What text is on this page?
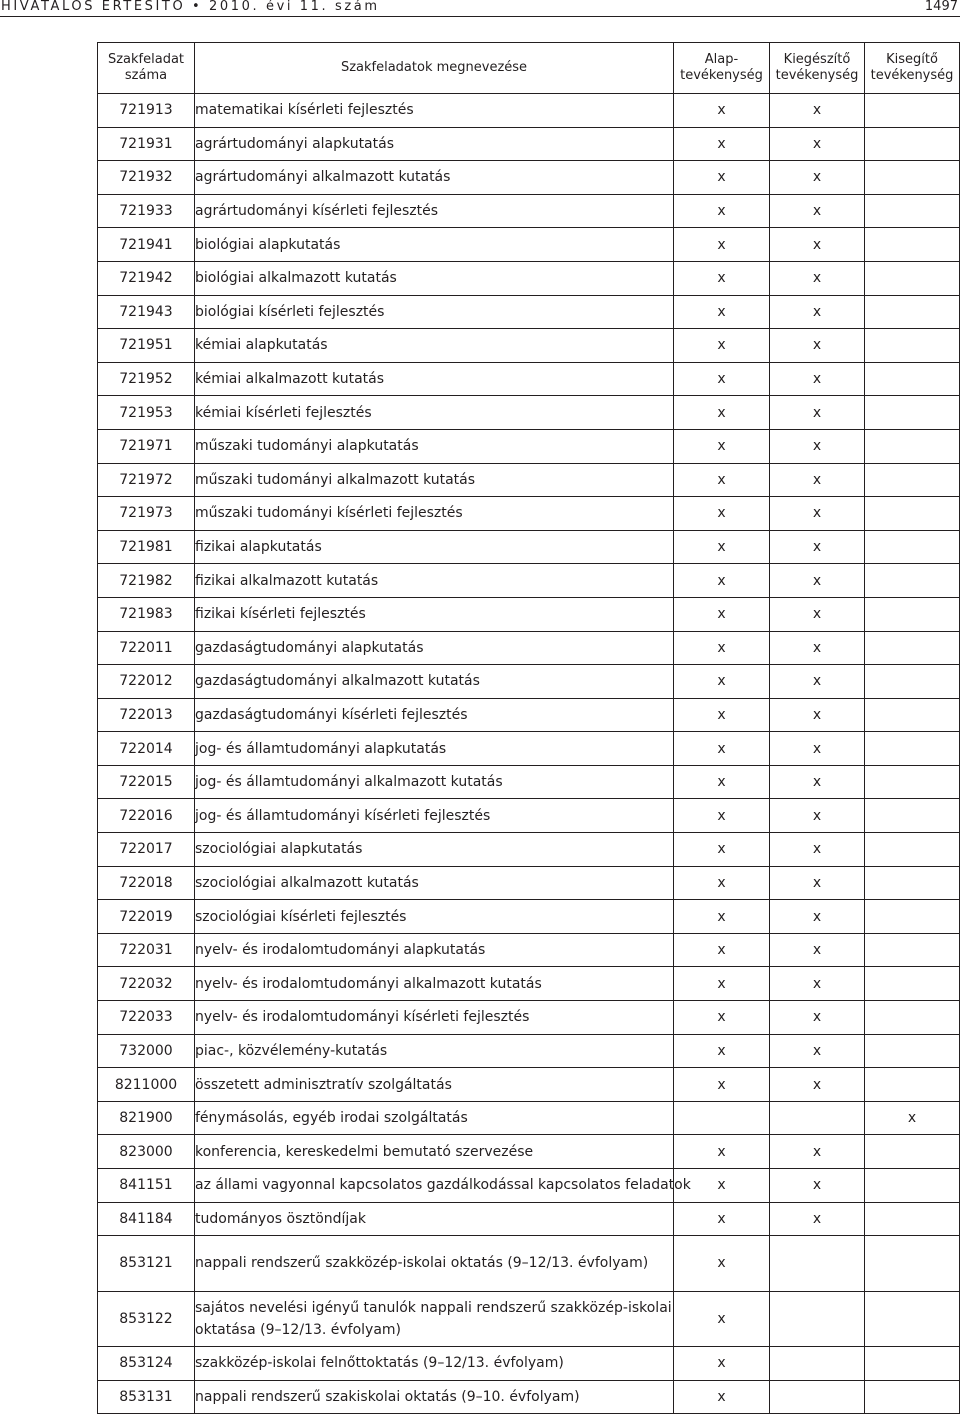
HIVATALOS ÉRTESÍTŐ • 2010. évi 11. szám	1497
Szakfeladat száma	Szakfeladatok megnevezése	Alap- tevékenység	Kiegészítő tevékenység	Kisegítő tevékenység
721913	matematikai kísérleti fejlesztés	x	x	
721931	agrártudományi alapkutatás	x	x	
721932	agrártudományi alkalmazott kutatás	x	x	
721933	agrártudományi kísérleti fejlesztés	x	x	
721941	biológiai alapkutatás	x	x	
721942	biológiai alkalmazott kutatás	x	x	
721943	biológiai kísérleti fejlesztés	x	x	
721951	kémiai alapkutatás	x	x	
721952	kémiai alkalmazott kutatás	x	x	
721953	kémiai kísérleti fejlesztés	x	x	
721971	műszaki tudományi alapkutatás	x	x	
721972	műszaki tudományi alkalmazott kutatás	x	x	
721973	műszaki tudományi kísérleti fejlesztés	x	x	
721981	fizikai alapkutatás	x	x	
721982	fizikai alkalmazott kutatás	x	x	
721983	fizikai kísérleti fejlesztés	x	x	
722011	gazdaságtudományi alapkutatás	x	x	
722012	gazdaságtudományi alkalmazott kutatás	x	x	
722013	gazdaságtudományi kísérleti fejlesztés	x	x	
722014	jog- és államtudományi alapkutatás	x	x	
722015	jog- és államtudományi alkalmazott kutatás	x	x	
722016	jog- és államtudományi kísérleti fejlesztés	x	x	
722017	szociológiai alapkutatás	x	x	
722018	szociológiai alkalmazott kutatás	x	x	
722019	szociológiai kísérleti fejlesztés	x	x	
722031	nyelv- és irodalomtudományi alapkutatás	x	x	
722032	nyelv- és irodalomtudományi alkalmazott kutatás	x	x	
722033	nyelv- és irodalomtudományi kísérleti fejlesztés	x	x	
732000	piac-, közvélemény-kutatás	x	x	
8211000	összetett adminisztratív szolgáltatás	x	x	
821900	fénymásolás, egyéb irodai szolgáltatás			x
823000	konferencia, kereskedelmi bemutató szervezése	x	x	
841151	az állami vagyonnal kapcsolatos gazdálkodással kapcsolatos feladatok	x	x	
841184	tudományos ösztöndíjak	x	x	
853121	nappali rendszerű szakközép-iskolai oktatás (9–12/13. évfolyam)	x		
853122	sajátos nevelési igényű tanulók nappali rendszerű szakközép-iskolai oktatása (9–12/13. évfolyam)	x		
853124	szakközép-iskolai felnőttoktatás (9–12/13. évfolyam)	x		
853131	nappali rendszerű szakiskolai oktatás (9–10. évfolyam)	x		
